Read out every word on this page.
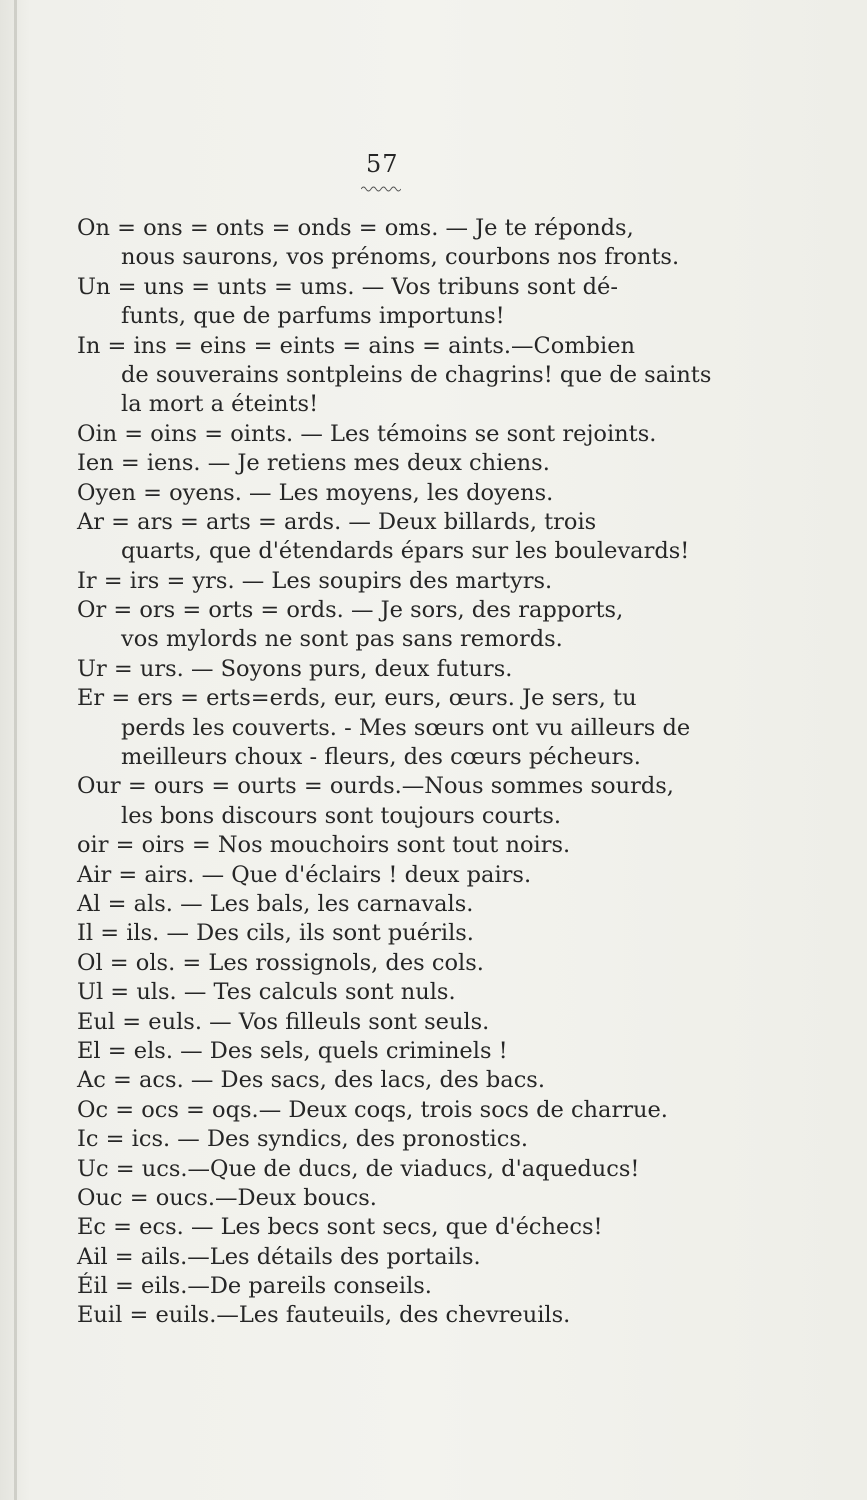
57
On = ons = onts = onds = oms. — Je te réponds,
nous saurons, vos prénoms, courbons nos fronts.
Un = uns = unts = ums. — Vos tribuns sont dé-
funts, que de parfums importuns!
In = ins = eins = eints = ains = aints.—Combien
de souverains sontpleins de chagrins! que de saints
la mort a éteints!
Oin = oins = oints. — Les témoins se sont rejoints.
Ien = iens. — Je retiens mes deux chiens.
Oyen = oyens. — Les moyens, les doyens.
Ar = ars = arts = ards. — Deux billards, trois
quarts, que d'étendards épars sur les boulevards!
Ir = irs = yrs. — Les soupirs des martyrs.
Or = ors = orts = ords. — Je sors, des rapports,
vos mylords ne sont pas sans remords.
Ur = urs. — Soyons purs, deux futurs.
Er = ers = erts=erds, eur, eurs, œurs. Je sers, tu
perds les couverts. - Mes sœurs ont vu ailleurs de
meilleurs choux - fleurs, des cœurs pécheurs.
Our = ours = ourts = ourds.—Nous sommes sourds,
les bons discours sont toujours courts.
oir = oirs = Nos mouchoirs sont tout noirs.
Air = airs. — Que d'éclairs ! deux pairs.
Al = als. — Les bals, les carnavals.
Il = ils. — Des cils, ils sont puérils.
Ol = ols. = Les rossignols, des cols.
Ul = uls. — Tes calculs sont nuls.
Eul = euls. — Vos filleuls sont seuls.
El = els. — Des sels, quels criminels !
Ac = acs. — Des sacs, des lacs, des bacs.
Oc = ocs = oqs.— Deux coqs, trois socs de charrue.
Ic = ics. — Des syndics, des pronostics.
Uc = ucs.—Que de ducs, de viaducs, d'aqueducs!
Ouc = oucs.—Deux boucs.
Ec = ecs. — Les becs sont secs, que d'échecs!
Ail = ails.—Les détails des portails.
Éil = eils.—De pareils conseils.
Euil = euils.—Les fauteuils, des chevreuils.
